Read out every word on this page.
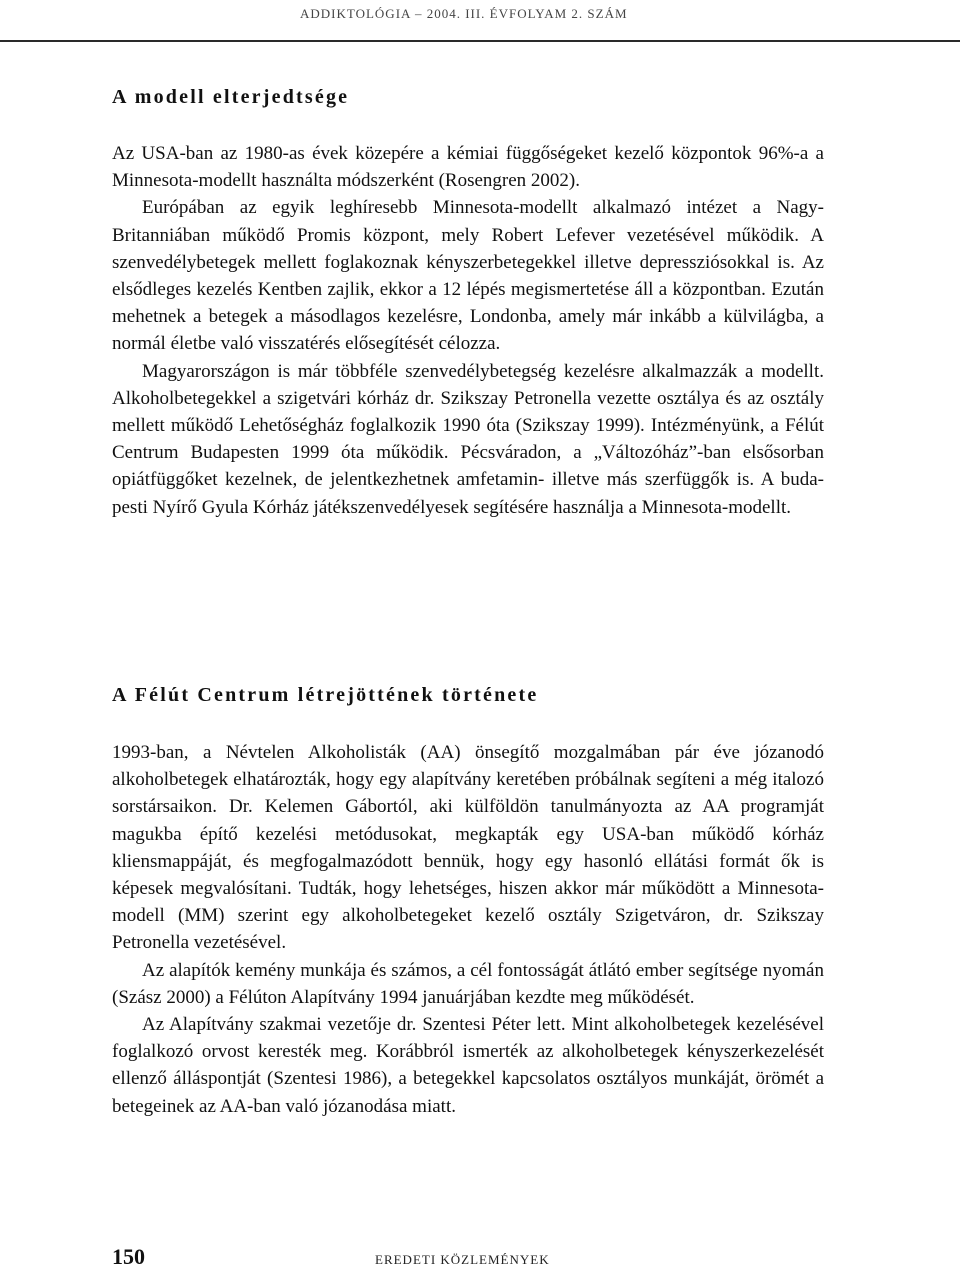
ADDIKTOLÓGIA – 2004. III. ÉVFOLYAM 2. SZÁM
A modell elterjedtsége

Az USA-ban az 1980-as évek közepére a kémiai függőségeket kezelő központok 96%-a a Minnesota-modellt használta módszerként (Rosengren 2002).

Európában az egyik leghíresebb Minnesota-modellt alkalmazó intézet a Nagy-Britanniában működő Promis központ, mely Robert Lefever vezetésével működik. A szenvedélybetegek mellett foglakoznak kényszerbetegekkel illetve depressziósokkal is. Az elsődleges kezelés Kentben zajlik, ekkor a 12 lépés megismertetése áll a központban. Ezután mehetnek a betegek a másodlagos kezelésre, Londonba, amely már inkább a külvilágba, a normál életbe való visszatérés elősegítését célozza.

Magyarországon is már többféle szenvedélybetegség kezelésre alkalmazzák a modellt. Alkoholbetegekkel a szigetvári kórház dr. Szikszay Petronella vezette osztálya és az osztály mellett működő Lehetőségház foglalkozik 1990 óta (Szikszay 1999). Intézményünk, a Félút Centrum Budapesten 1999 óta működik. Pécsváradon, a „Változóház”-ban elsősorban opiátfüggőket kezelnek, de jelentkezhetnek amfetamin- illetve más szerfüggők is. A budapesti Nyírő Gyula Kórház játékszenvedélyesek segítésére használja a Minnesota-modellt.

A Félút Centrum létrejöttének története

1993-ban, a Névtelen Alkoholisták (AA) önsegítő mozgalmában pár éve józanodó alkoholbetegek elhatározták, hogy egy alapítvány keretében próbálnak segíteni a még italozó sorstársaikon. Dr. Kelemen Gábortól, aki külföldön tanulmányozta az AA programját magukba építő kezelési metódusokat, megkapták egy USA-ban működő kórház kliensmappáját, és megfogalmazódott bennük, hogy egy hasonló ellátási formát ők is képesek megvalósítani. Tudták, hogy lehetséges, hiszen akkor már működött a Minnesota-modell (MM) szerint egy alkoholbetegeket kezelő osztály Szigetváron, dr. Szikszay Petronella vezetésével.

Az alapítók kemény munkája és számos, a cél fontosságát átlátó ember segítsége nyomán (Szász 2000) a Félúton Alapítvány 1994 januárjában kezdte meg működését.

Az Alapítvány szakmai vezetője dr. Szentesi Péter lett. Mint alkoholbetegek kezelésével foglalkozó orvost keresték meg. Korábbról ismerték az alkoholbetegek kényszerkezelését ellenző álláspontját (Szentesi 1986), a betegekkel kapcsolatos osztályos munkáját, örömét a betegeinek az AA-ban való józanodása miatt.

150	EREDETI KÖZLEMÉNYEK
